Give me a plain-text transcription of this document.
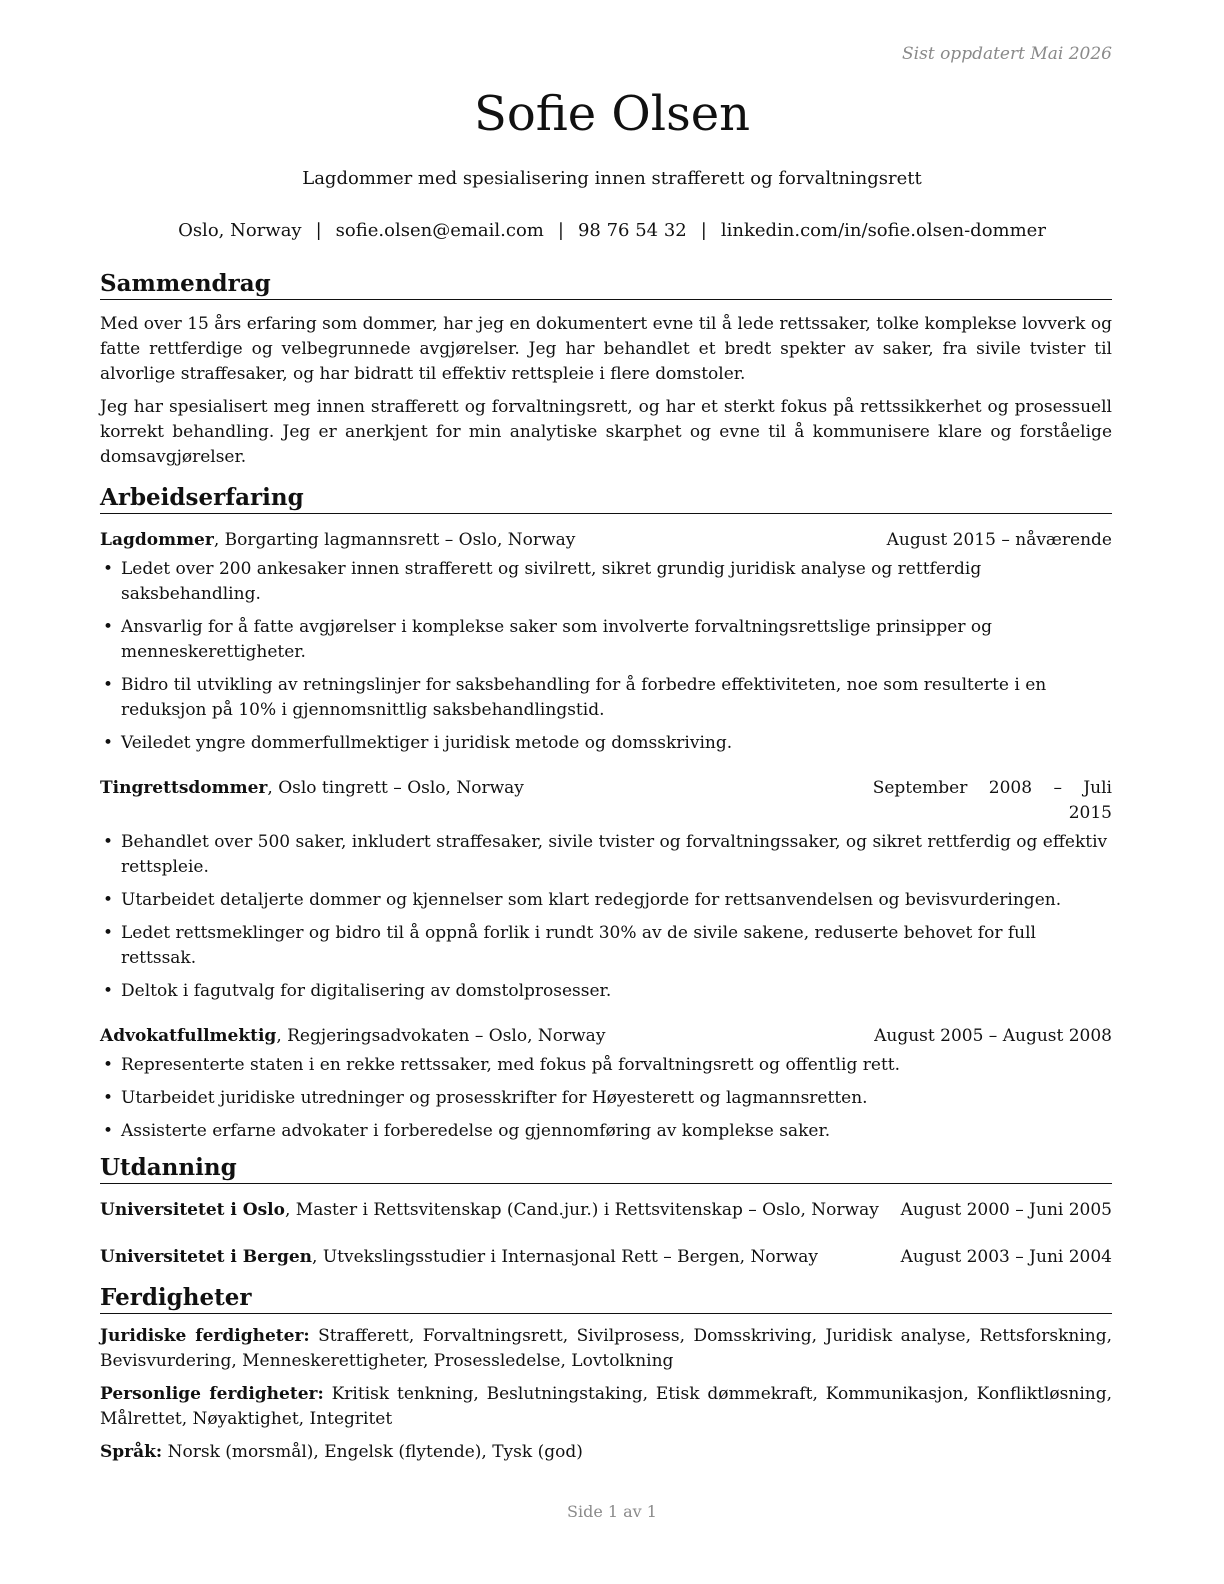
Sist oppdatert Mai 2026
Sofie Olsen
Lagdommer med spesialisering innen strafferett og forvaltningsrett
Oslo, Norway | sofie.olsen@email.com | 98 76 54 32 | linkedin.com/in/sofie.olsen-dommer
Sammendrag

Med over 15 års erfaring som dommer, har jeg en dokumentert evne til å lede rettssaker, tolke komplekse lovverk og fatte rettferdige og velbegrunnede avgjørelser. Jeg har behandlet et bredt spekter av saker, fra sivile tvister til alvorlige straffesaker, og har bidratt til effektiv rettspleie i flere domstoler.

Jeg har spesialisert meg innen strafferett og forvaltningsrett, og har et sterkt fokus på rettssikkerhet og prosessuell korrekt behandling. Jeg er anerkjent for min analytiske skarphet og evne til å kommunisere klare og forståelige domsavgjørelser.

Arbeidserfaring
Lagdommer, Borgarting lagmannsrett – Oslo, Norway	August 2015 – nåværende
• Ledet over 200 ankesaker innen strafferett og sivilrett, sikret grundig juridisk analyse og rettferdig saksbehandling.
• Ansvarlig for å fatte avgjørelser i komplekse saker som involverte forvaltningsrettslige prinsipper og menneskerettigheter.
• Bidro til utvikling av retningslinjer for saksbehandling for å forbedre effektiviteten, noe som resulterte i en reduksjon på 10% i gjennomsnittlig saksbehandlingstid.
• Veiledet yngre dommerfullmektiger i juridisk metode og domsskriving.
Tingrettsdommer, Oslo tingrett – Oslo, Norway	September 2008 – Juli 2015
• Behandlet over 500 saker, inkludert straffesaker, sivile tvister og forvaltningssaker, og sikret rettferdig og effektiv rettspleie.
• Utarbeidet detaljerte dommer og kjennelser som klart redegjorde for rettsanvendelsen og bevisvurderingen.
• Ledet rettsmeklinger og bidro til å oppnå forlik i rundt 30% av de sivile sakene, reduserte behovet for full rettssak.
• Deltok i fagutvalg for digitalisering av domstolprosesser.
Advokatfullmektig, Regjeringsadvokaten – Oslo, Norway	August 2005 – August 2008
• Representerte staten i en rekke rettssaker, med fokus på forvaltningsrett og offentlig rett.
• Utarbeidet juridiske utredninger og prosesskrifter for Høyesterett og lagmannsretten.
• Assisterte erfarne advokater i forberedelse og gjennomføring av komplekse saker.
Utdanning
Universitetet i Oslo, Master i Rettsvitenskap (Cand.jur.) i Rettsvitenskap – Oslo, Norway	August 2000 – Juni 2005
Universitetet i Bergen, Utvekslingsstudier i Internasjonal Rett – Bergen, Norway	August 2003 – Juni 2004
Ferdigheter
Juridiske ferdigheter: Strafferett, Forvaltningsrett, Sivilprosess, Domsskriving, Juridisk analyse, Rettsforskning, Bevisvurdering, Menneskerettigheter, Prosessledelse, Lovtolkning
Personlige ferdigheter: Kritisk tenkning, Beslutningstaking, Etisk dømmekraft, Kommunikasjon, Konfliktløsning, Målrettet, Nøyaktighet, Integritet
Språk: Norsk (morsmål), Engelsk (flytende), Tysk (god)
Side 1 av 1
